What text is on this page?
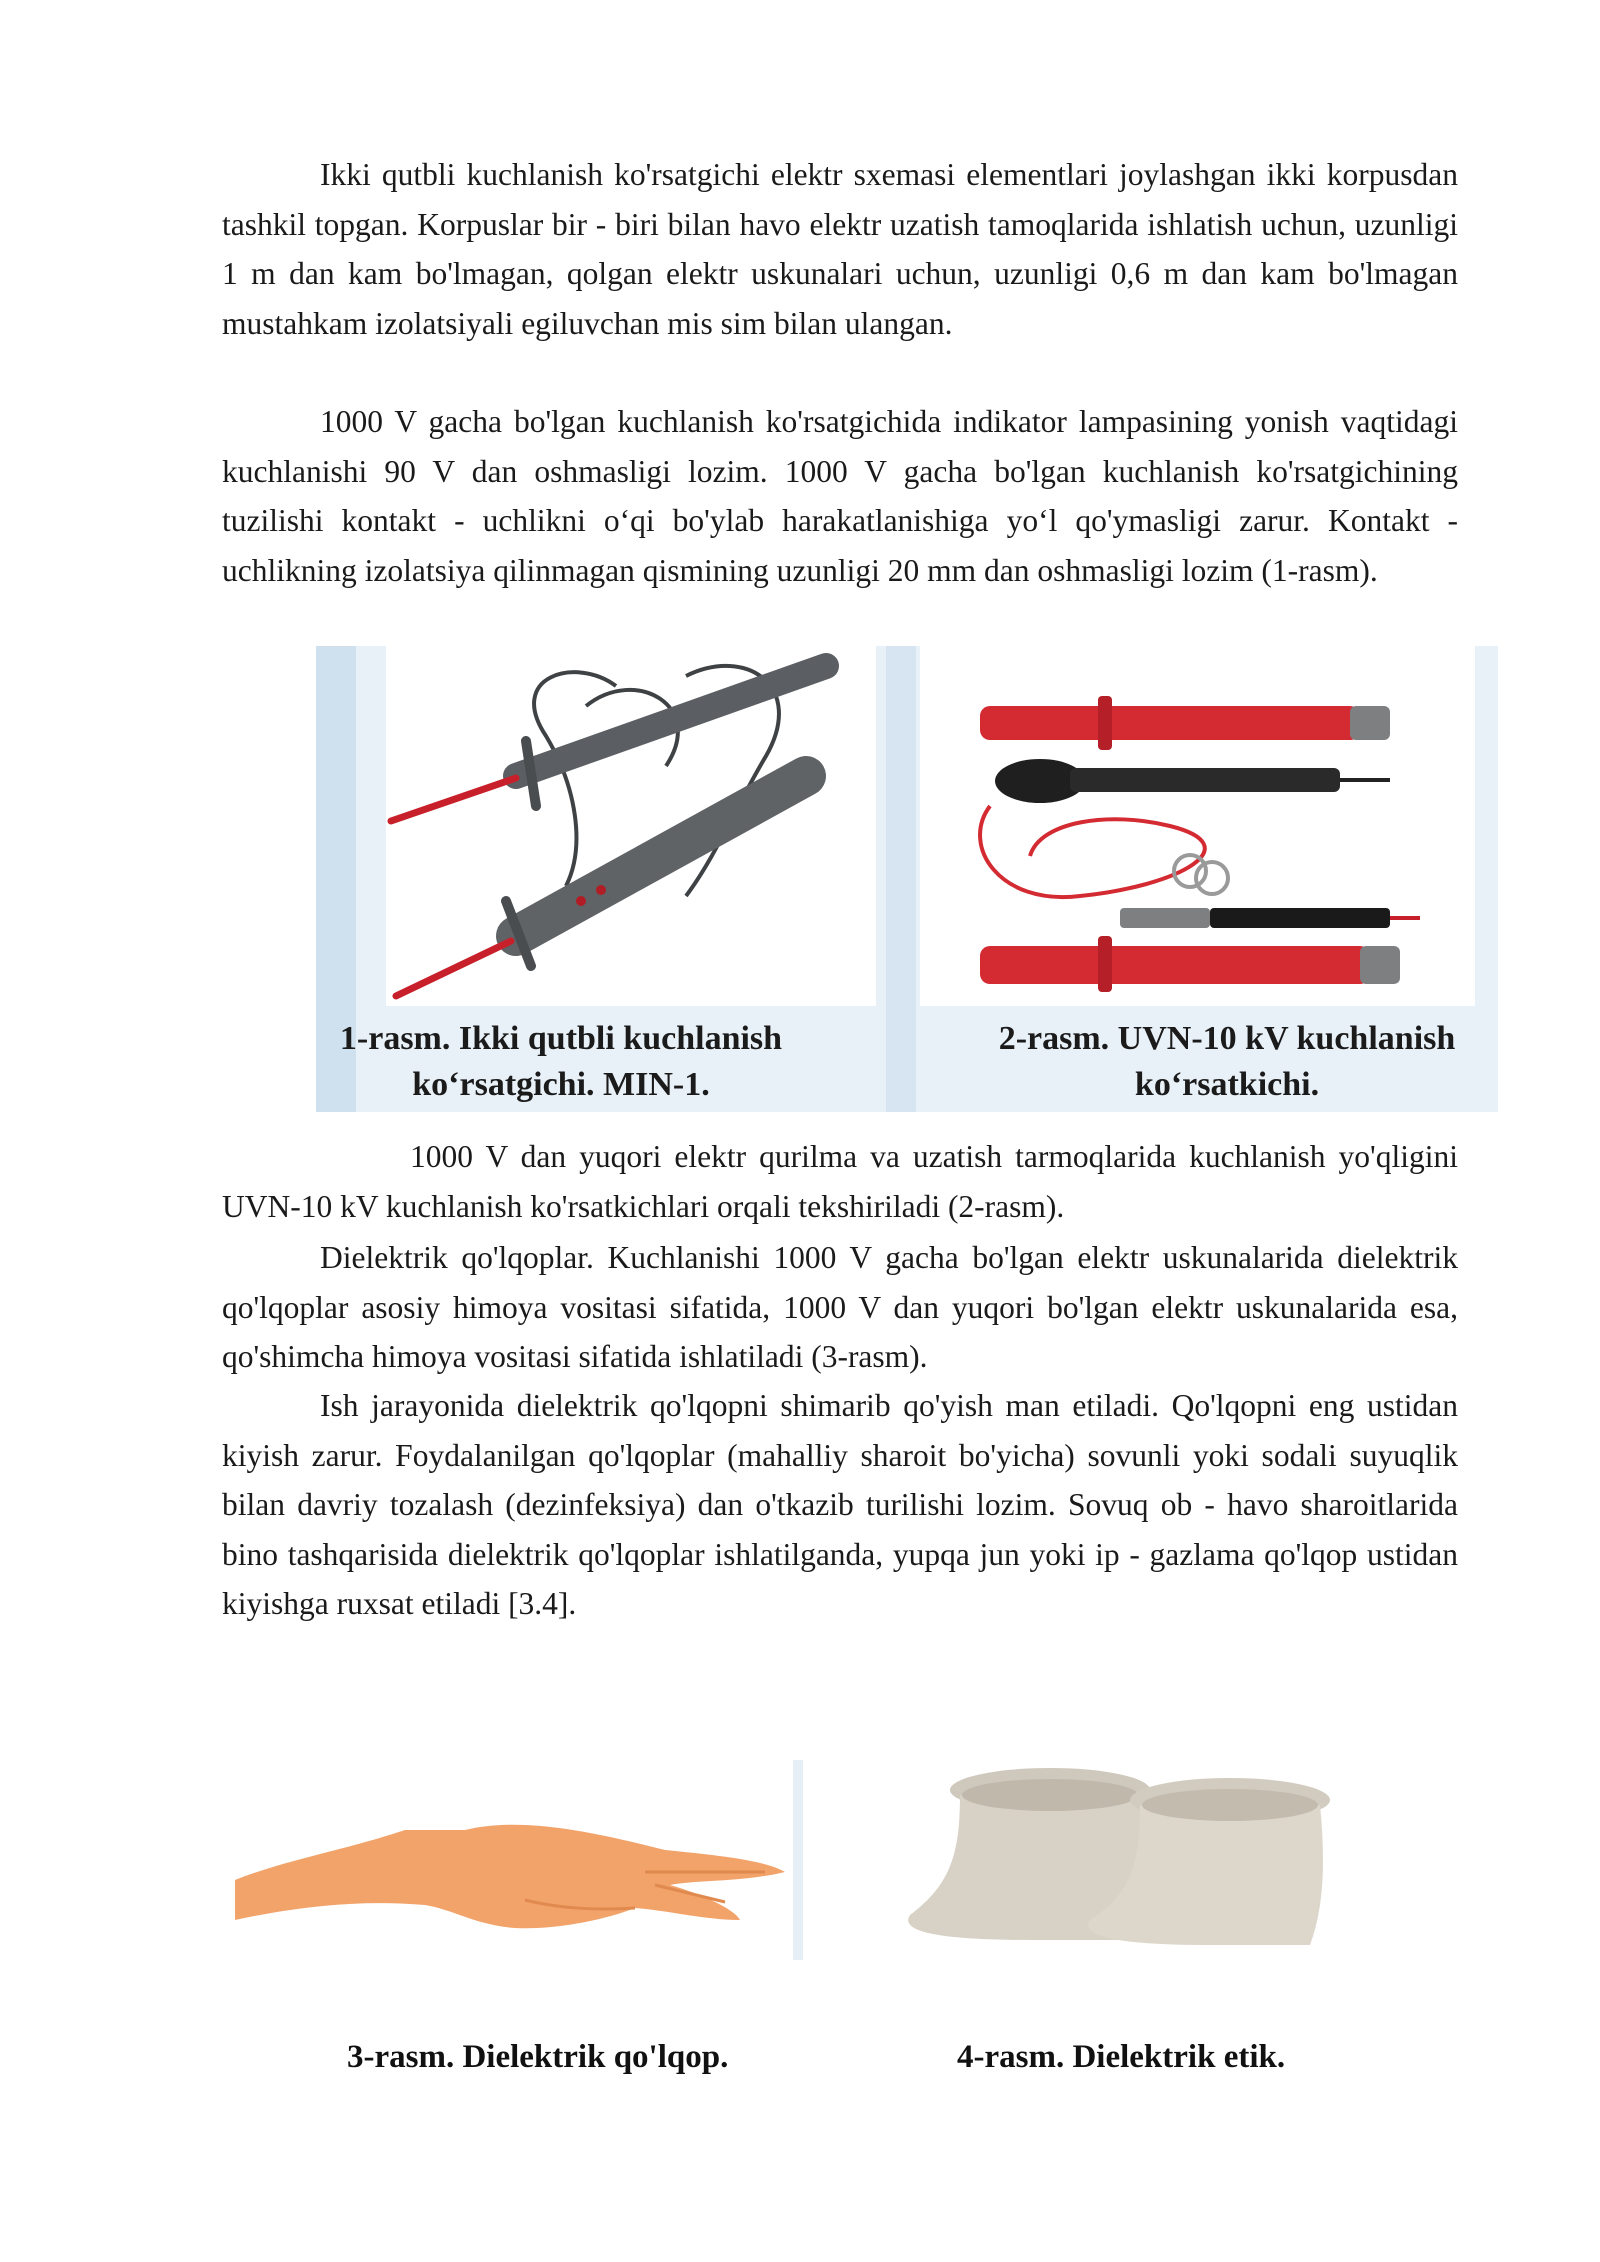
Ikki qutbli kuchlanish ko'rsatgichi elektr sxemasi elementlari joylashgan ikki korpusdan tashkil topgan. Korpuslar bir - biri bilan havo elektr uzatish tamoqlarida ishlatish uchun, uzunligi 1 m dan kam bo'lmagan, qolgan elektr uskunalari uchun, uzunligi 0,6 m dan kam bo'lmagan mustahkam izolatsiyali egiluvchan mis sim bilan ulangan.

1000 V gacha bo'lgan kuchlanish ko'rsatgichida indikator lampasining yonish vaqtidagi kuchlanishi 90 V dan oshmasligi lozim. 1000 V gacha bo'lgan kuchlanish ko'rsatgichining tuzilishi kontakt - uchlikni o‘qi bo'ylab harakatlanishiga yo‘l qo'ymasligi zarur. Kontakt - uchlikning izolatsiya qilinmagan qismining uzunligi 20 mm dan oshmasligi lozim (1-rasm).

1-rasm. Ikki qutbli kuchlanish
ko‘rsatgichi. MIN-1.
2-rasm. UVN-10 kV kuchlanish
ko‘rsatkichi.

1000 V dan yuqori elektr qurilma va uzatish tarmoqlarida kuchlanish yo'qligini UVN-10 kV kuchlanish ko'rsatkichlari orqali tekshiriladi (2-rasm).

Dielektrik qo'lqoplar. Kuchlanishi 1000 V gacha bo'lgan elektr uskunalarida dielektrik qo'lqoplar asosiy himoya vositasi sifatida, 1000 V dan yuqori bo'lgan elektr uskunalarida esa, qo'shimcha himoya vositasi sifatida ishlatiladi (3-rasm).

Ish jarayonida dielektrik qo'lqopni shimarib qo'yish man etiladi. Qo'lqopni eng ustidan kiyish zarur. Foydalanilgan qo'lqoplar (mahalliy sharoit bo'yicha) sovunli yoki sodali suyuqlik bilan davriy tozalash (dezinfeksiya) dan o'tkazib turilishi lozim. Sovuq ob - havo sharoitlarida bino tashqarisida dielektrik qo'lqoplar ishlatilganda, yupqa jun yoki ip - gazlama qo'lqop ustidan kiyishga ruxsat etiladi [3.4].

3-rasm. Dielektrik qo'lqop.	4-rasm. Dielektrik etik.
